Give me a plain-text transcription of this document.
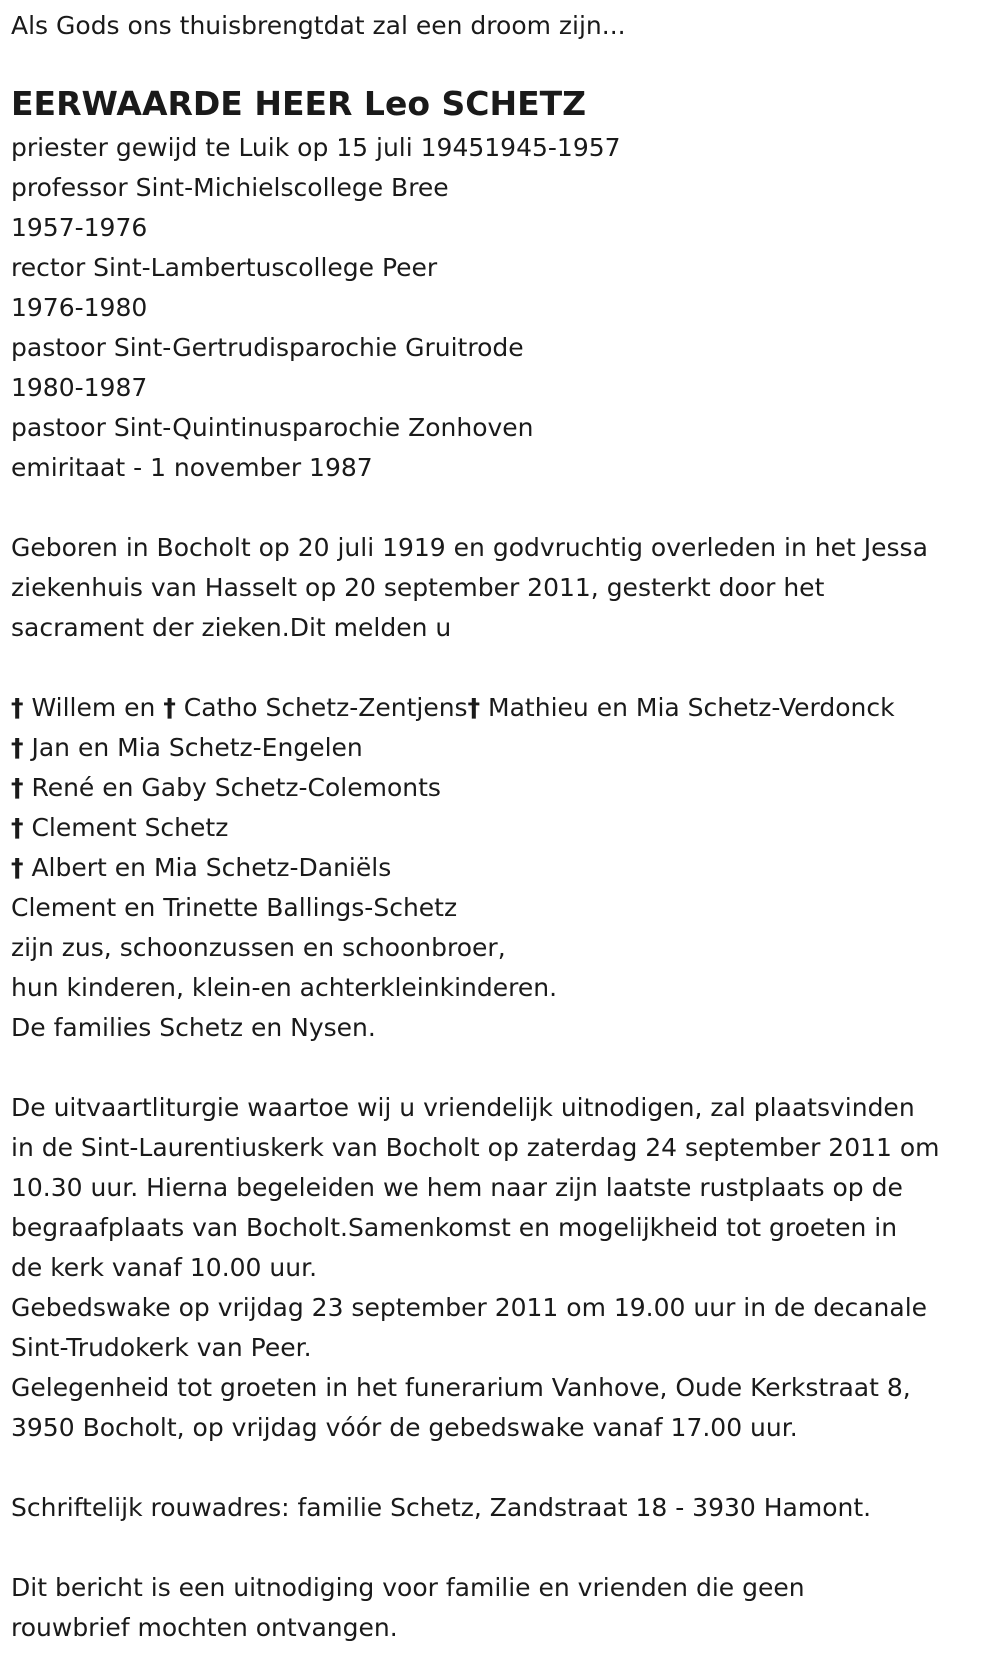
Als Gods ons thuisbrengtdat zal een droom zijn...

EERWAARDE HEER Leo SCHETZ

priester gewijd te Luik op 15 juli 19451945-1957

professor Sint-Michielscollege Bree

1957-1976

rector Sint-Lambertuscollege Peer

1976-1980

pastoor Sint-Gertrudisparochie Gruitrode

1980-1987

pastoor Sint-Quintinusparochie Zonhoven

emiritaat - 1 november 1987

Geboren in Bocholt op 20 juli 1919 en godvruchtig overleden in het Jessa

ziekenhuis van Hasselt op 20 september 2011, gesterkt door het

sacrament der zieken.Dit melden u

† Willem en † Catho Schetz-Zentjens† Mathieu en Mia Schetz-Verdonck

† Jan en Mia Schetz-Engelen

† René en Gaby Schetz-Colemonts

† Clement Schetz

† Albert en Mia Schetz-Daniëls

Clement en Trinette Ballings-Schetz

zijn zus, schoonzussen en schoonbroer,

hun kinderen, klein-en achterkleinkinderen.

De families Schetz en Nysen.

De uitvaartliturgie waartoe wij u vriendelijk uitnodigen, zal plaatsvinden

in de Sint-Laurentiuskerk van Bocholt op zaterdag 24 september 2011 om

10.30 uur. Hierna begeleiden we hem naar zijn laatste rustplaats op de

begraafplaats van Bocholt.Samenkomst en mogelijkheid tot groeten in

de kerk vanaf 10.00 uur.

Gebedswake op vrijdag 23 september 2011 om 19.00 uur in de decanale

Sint-Trudokerk van Peer.

Gelegenheid tot groeten in het funerarium Vanhove, Oude Kerkstraat 8,

3950 Bocholt, op vrijdag vóór de gebedswake vanaf 17.00 uur.

Schriftelijk rouwadres: familie Schetz, Zandstraat 18 - 3930 Hamont.

Dit bericht is een uitnodiging voor familie en vrienden die geen

rouwbrief mochten ontvangen.
